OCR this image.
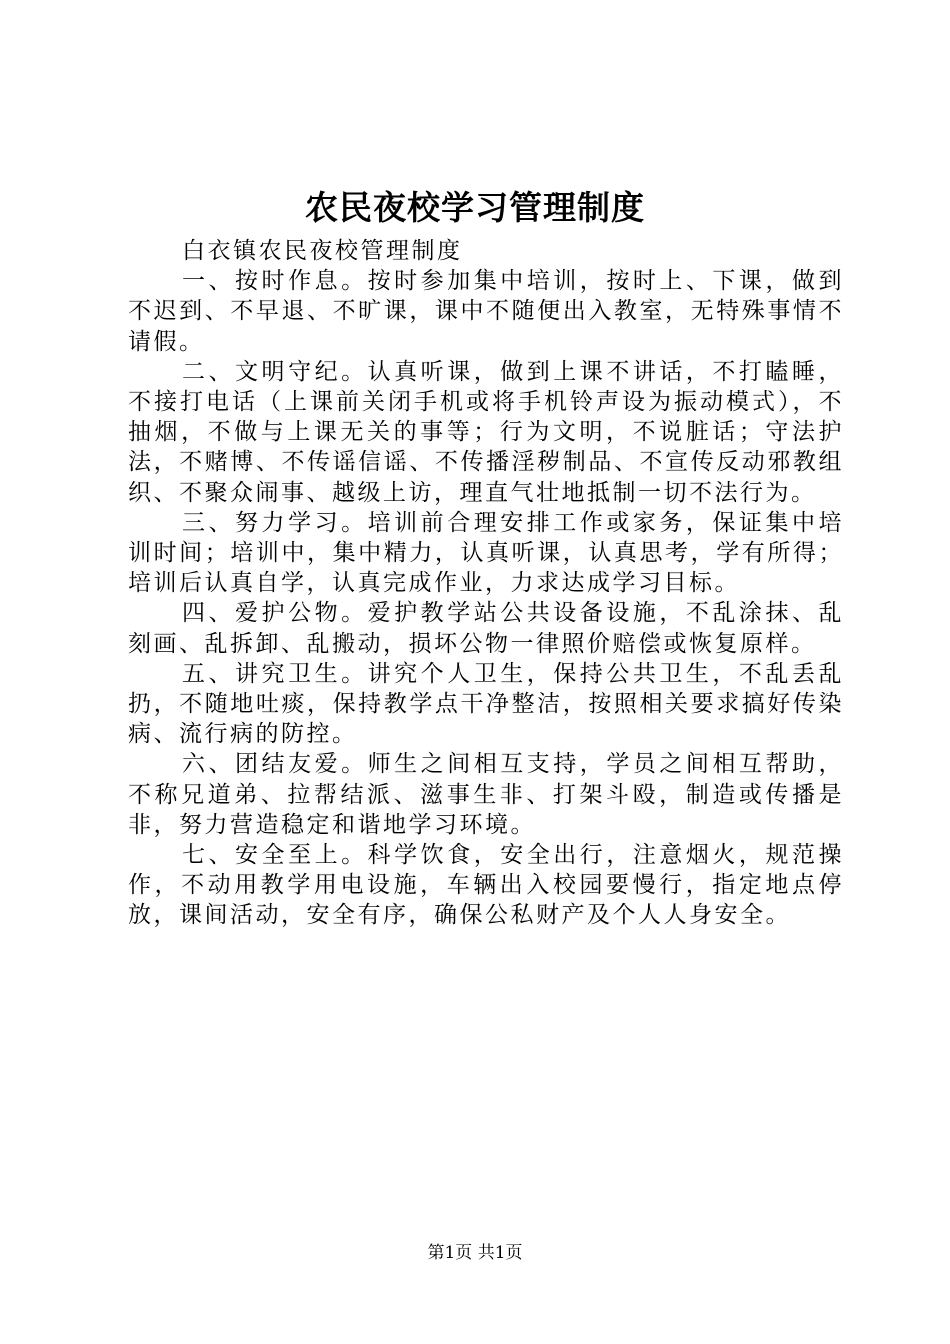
农民夜校学习管理制度

白衣镇农民夜校管理制度

一、按时作息。按时参加集中培训，按时上、下课，做到不迟到、不早退、不旷课，课中不随便出入教室，无特殊事情不请假。

二、文明守纪。认真听课，做到上课不讲话，不打瞌睡，不接打电话（上课前关闭手机或将手机铃声设为振动模式），不抽烟，不做与上课无关的事等；行为文明，不说脏话；守法护法，不赌博、不传谣信谣、不传播淫秽制品、不宣传反动邪教组织、不聚众闹事、越级上访，理直气壮地抵制一切不法行为。

三、努力学习。培训前合理安排工作或家务，保证集中培训时间；培训中，集中精力，认真听课，认真思考，学有所得；培训后认真自学，认真完成作业，力求达成学习目标。

四、爱护公物。爱护教学站公共设备设施，不乱涂抹、乱刻画、乱拆卸、乱搬动，损坏公物一律照价赔偿或恢复原样。

五、讲究卫生。讲究个人卫生，保持公共卫生，不乱丢乱扔，不随地吐痰，保持教学点干净整洁，按照相关要求搞好传染病、流行病的防控。

六、团结友爱。师生之间相互支持，学员之间相互帮助，不称兄道弟、拉帮结派、滋事生非、打架斗殴，制造或传播是非，努力营造稳定和谐地学习环境。

七、安全至上。科学饮食，安全出行，注意烟火，规范操作，不动用教学用电设施，车辆出入校园要慢行，指定地点停放，课间活动，安全有序，确保公私财产及个人人身安全。

第1页 共1页
